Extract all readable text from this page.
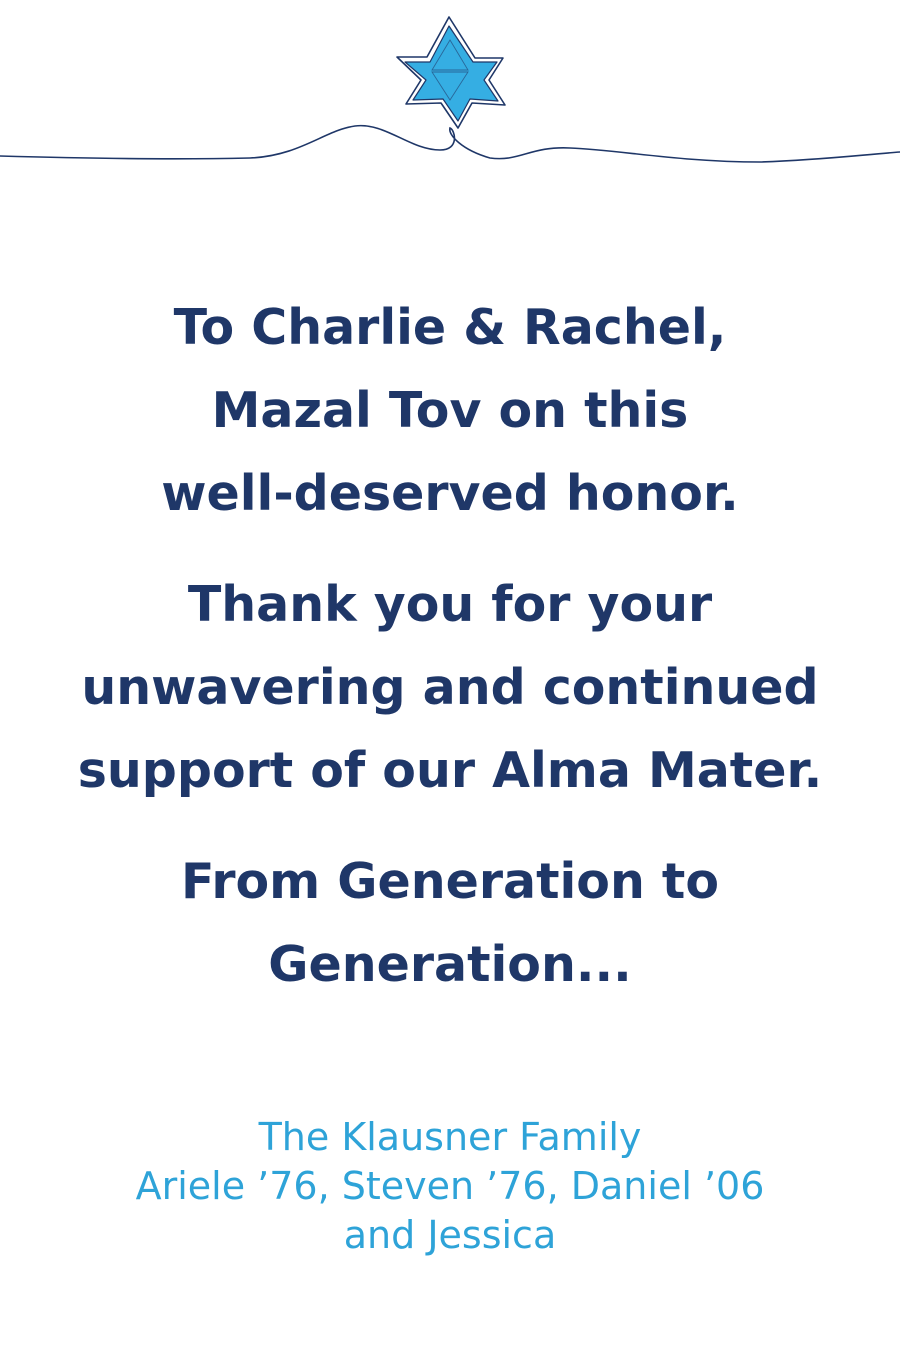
To Charlie & Rachel,
Mazal Tov on this
well-deserved honor.

Thank you for your
unwavering and continued
support of our Alma Mater.

From Generation to
Generation...

The Klausner Family
Ariele ’76, Steven ’76, Daniel ’06
and Jessica
